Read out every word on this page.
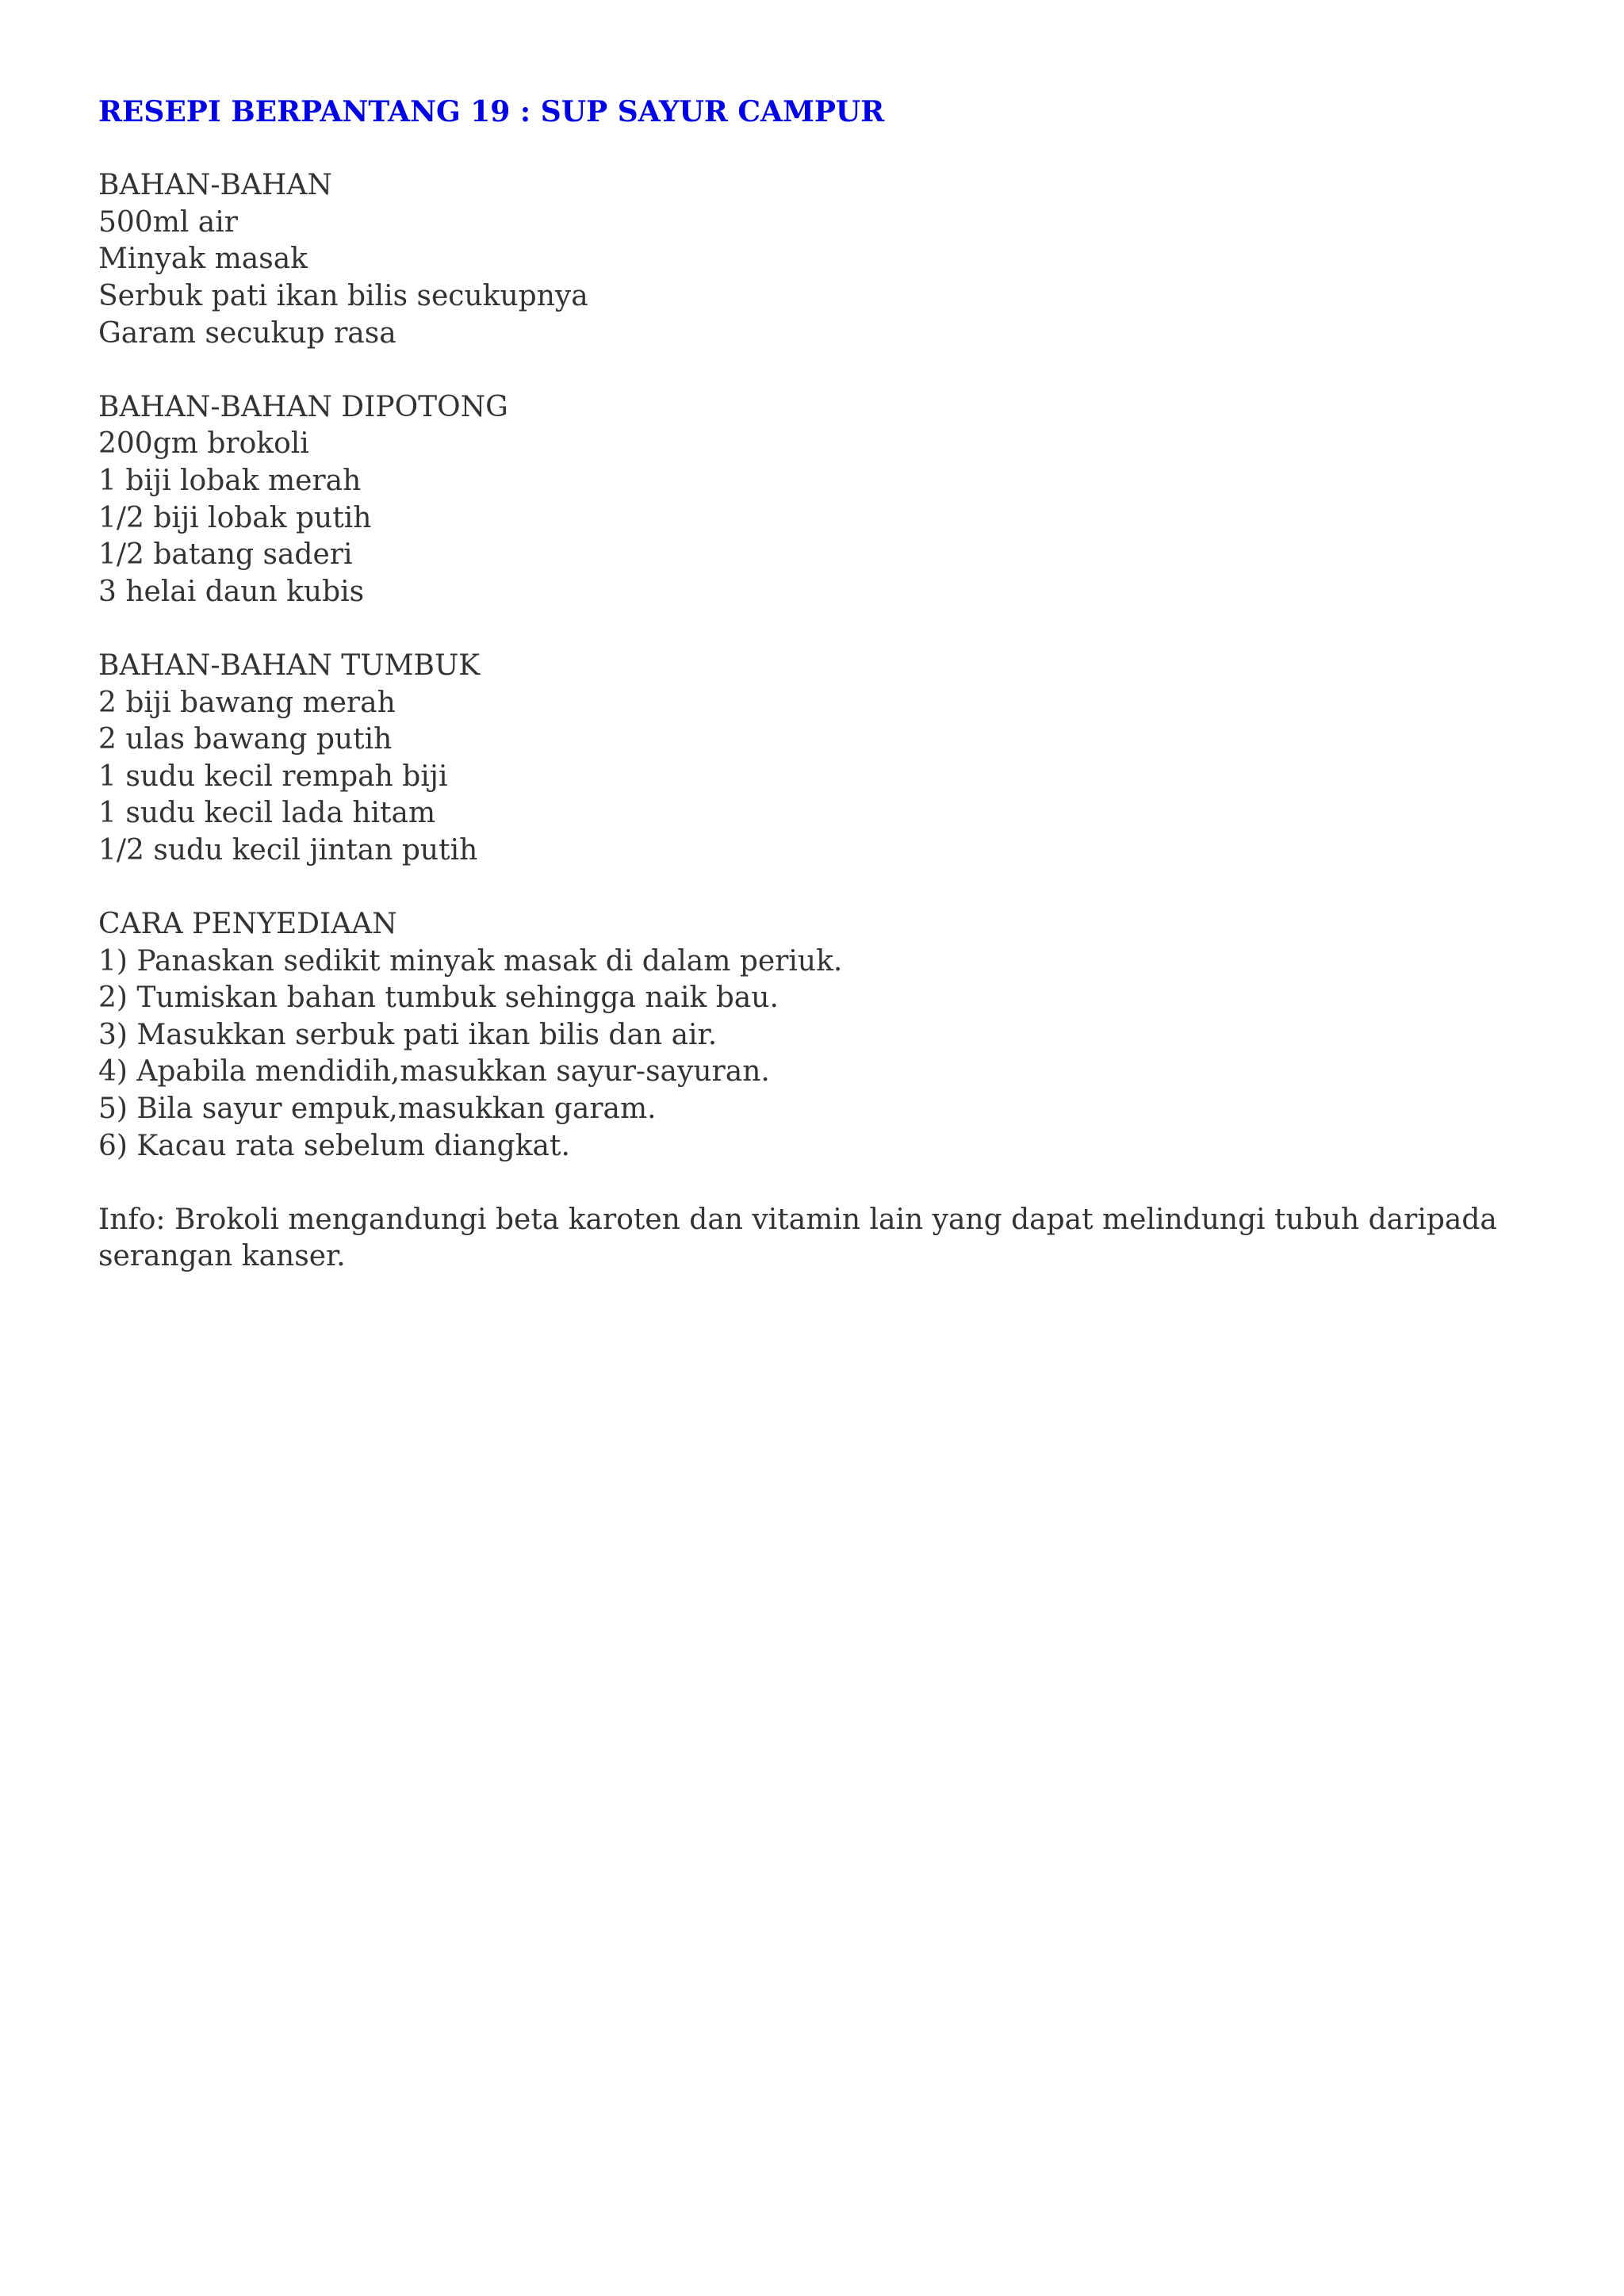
RESEPI BERPANTANG 19 : SUP SAYUR CAMPUR
BAHAN-BAHAN
500ml air
Minyak masak
Serbuk pati ikan bilis secukupnya
Garam secukup rasa
BAHAN-BAHAN DIPOTONG
200gm brokoli
1 biji lobak merah
1/2 biji lobak putih
1/2 batang saderi
3 helai daun kubis
BAHAN-BAHAN TUMBUK
2 biji bawang merah
2 ulas bawang putih
1 sudu kecil rempah biji
1 sudu kecil lada hitam
1/2 sudu kecil jintan putih
CARA PENYEDIAAN
1) Panaskan sedikit minyak masak di dalam periuk.
2) Tumiskan bahan tumbuk sehingga naik bau.
3) Masukkan serbuk pati ikan bilis dan air.
4) Apabila mendidih,masukkan sayur-sayuran.
5) Bila sayur empuk,masukkan garam.
6) Kacau rata sebelum diangkat.

Info: Brokoli mengandungi beta karoten dan vitamin lain yang dapat melindungi tubuh daripada serangan kanser.
